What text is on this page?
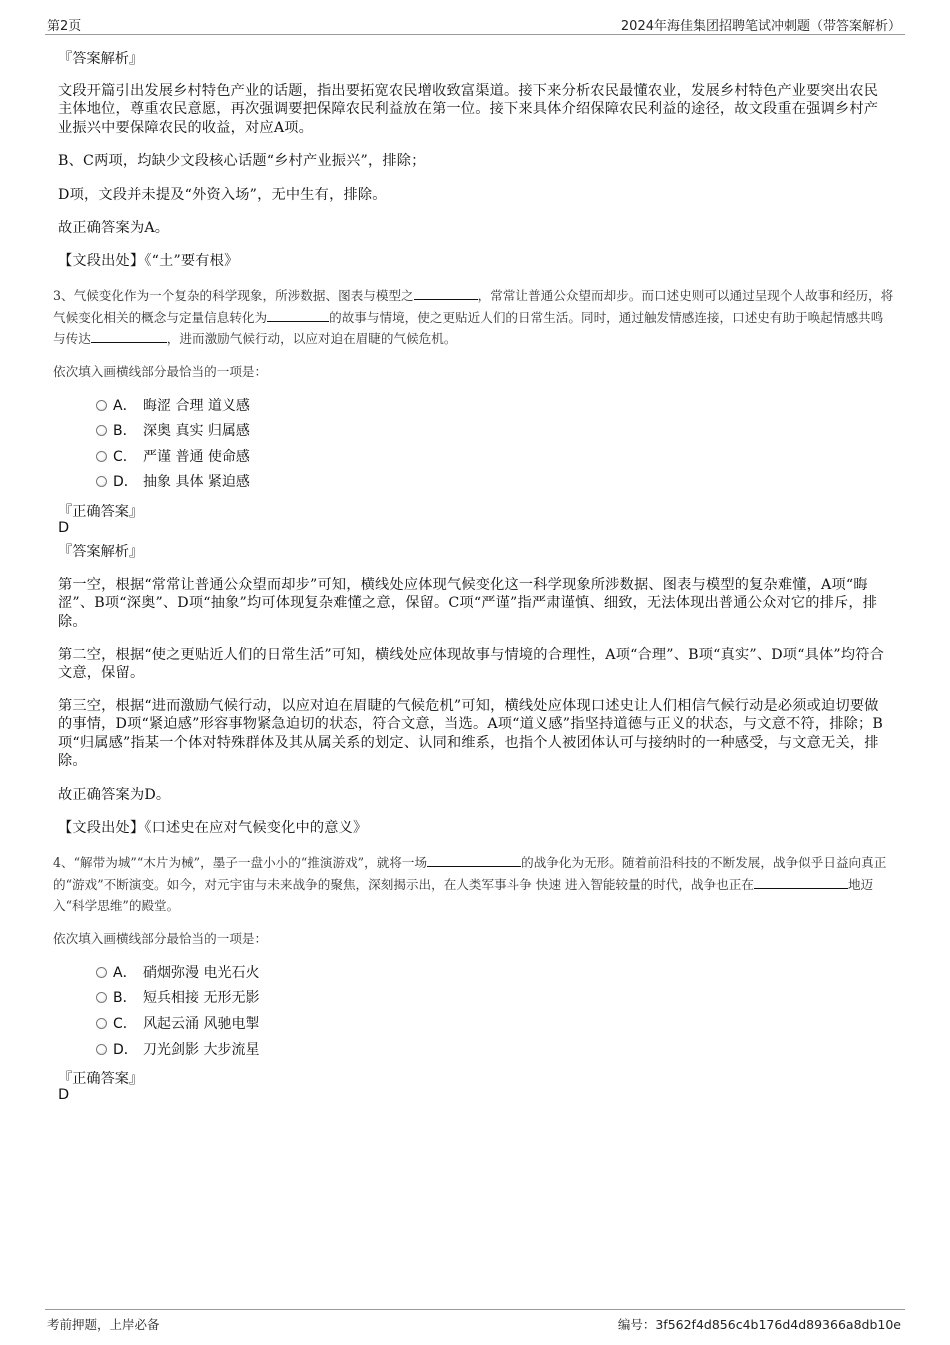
第2页	2024年海佳集团招聘笔试冲刺题（带答案解析）
『答案解析』
文段开篇引出发展乡村特色产业的话题，指出要拓宽农民增收致富渠道。接下来分析农民最懂农业，发展乡村特色产业要突出农民主体地位，尊重农民意愿，再次强调要把保障农民利益放在第一位。接下来具体介绍保障农民利益的途径，故文段重在强调乡村产业振兴中要保障农民的收益，对应A项。
B、C两项，均缺少文段核心话题“乡村产业振兴”，排除；
D项，文段并未提及“外资入场”，无中生有，排除。
故正确答案为A。
【文段出处】《“土”要有根》
3、气候变化作为一个复杂的科学现象，所涉数据、图表与模型之	，常常让普通公众望而却步。而口述史则可以通过呈现个人故事和经历，将气候变化相关的概念与定量信息转化为	的故事与情境，使之更贴近人们的日常生活。同时，通过触发情感连接，口述史有助于唤起情感共鸣与传达	，进而激励气候行动，以应对迫在眉睫的气候危机。
依次填入画横线部分最恰当的一项是：
A． 晦涩 合理 道义感
B． 深奥 真实 归属感
C． 严谨 普通 使命感
D． 抽象 具体 紧迫感
『正确答案』
D
『答案解析』
第一空，根据“常常让普通公众望而却步”可知，横线处应体现气候变化这一科学现象所涉数据、图表与模型的复杂难懂，A项“晦涩”、B项“深奥”、D项“抽象”均可体现复杂难懂之意，保留。C项“严谨”指严肃谨慎、细致，无法体现出普通公众对它的排斥，排除。
第二空，根据“使之更贴近人们的日常生活”可知，横线处应体现故事与情境的合理性，A项“合理”、B项“真实”、D项“具体”均符合文意，保留。
第三空，根据“进而激励气候行动，以应对迫在眉睫的气候危机”可知，横线处应体现口述史让人们相信气候行动是必须或迫切要做的事情，D项“紧迫感”形容事物紧急迫切的状态，符合文意，当选。A项“道义感”指坚持道德与正义的状态，与文意不符，排除；B项“归属感”指某一个体对特殊群体及其从属关系的划定、认同和维系，也指个人被团体认可与接纳时的一种感受，与文意无关，排除。
故正确答案为D。
【文段出处】《口述史在应对气候变化中的意义》
4、“解带为城”“木片为械”，墨子一盘小小的“推演游戏”，就将一场	的战争化为无形。随着前沿科技的不断发展，战争似乎日益向真正的“游戏”不断演变。如今，对元宇宙与未来战争的聚焦，深刻揭示出，在人类军事斗争 快速 进入智能较量的时代，战争也正在	地迈入“科学思维”的殿堂。
依次填入画横线部分最恰当的一项是：
A． 硝烟弥漫 电光石火
B． 短兵相接 无形无影
C． 风起云涌 风驰电掣
D． 刀光剑影 大步流星
『正确答案』
D
考前押题，上岸必备	编号：3f562f4d856c4b176d4d89366a8db10e
